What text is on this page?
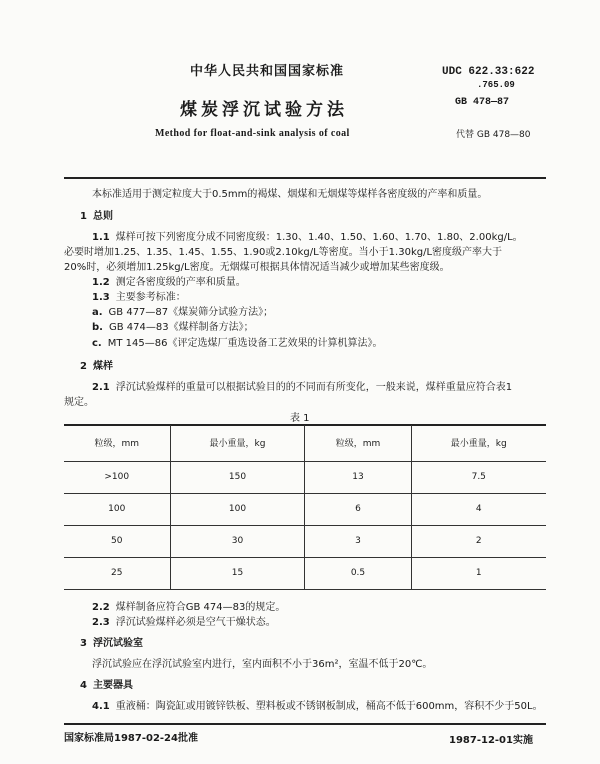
中华人民共和国国家标准	UDC 622.33:622
.765.09
GB 478—87
煤炭浮沉试验方法
Method for float-and-sink analysis of coal	代替 GB 478—80
本标准适用于测定粒度大于0.5mm的褐煤、烟煤和无烟煤等煤样各密度级的产率和质量。
1 总则
1.1 煤样可按下列密度分成不同密度级：1.30、1.40、1.50、1.60、1.70、1.80、2.00kg/L。
必要时增加1.25、1.35、1.45、1.55、1.90或2.10kg/L等密度。当小于1.30kg/L密度级产率大于
20%时，必须增加1.25kg/L密度。无烟煤可根据具体情况适当减少或增加某些密度级。
1.2 测定各密度级的产率和质量。
1.3 主要参考标准：
a. GB 477—87《煤炭筛分试验方法》；
b. GB 474—83《煤样制备方法》；
c. MT 145—86《评定选煤厂重选设备工艺效果的计算机算法》。
2 煤样
2.1 浮沉试验煤样的重量可以根据试验目的的不同而有所变化，一般来说，煤样重量应符合表1
规定。
表 1
粒级，mm	最小重量，kg	粒级，mm	最小重量，kg
>100	150	13	7.5
100	100	6	4
50	30	3	2
25	15	0.5	1
2.2 煤样制备应符合GB 474—83的规定。
2.3 浮沉试验煤样必须是空气干燥状态。
3 浮沉试验室
浮沉试验应在浮沉试验室内进行，室内面积不小于36m²，室温不低于20℃。
4 主要器具
4.1 重液桶：陶瓷缸或用镀锌铁板、塑料板或不锈钢板制成，桶高不低于600mm，容积不少于50L。
国家标准局1987-02-24批准	1987-12-01实施
